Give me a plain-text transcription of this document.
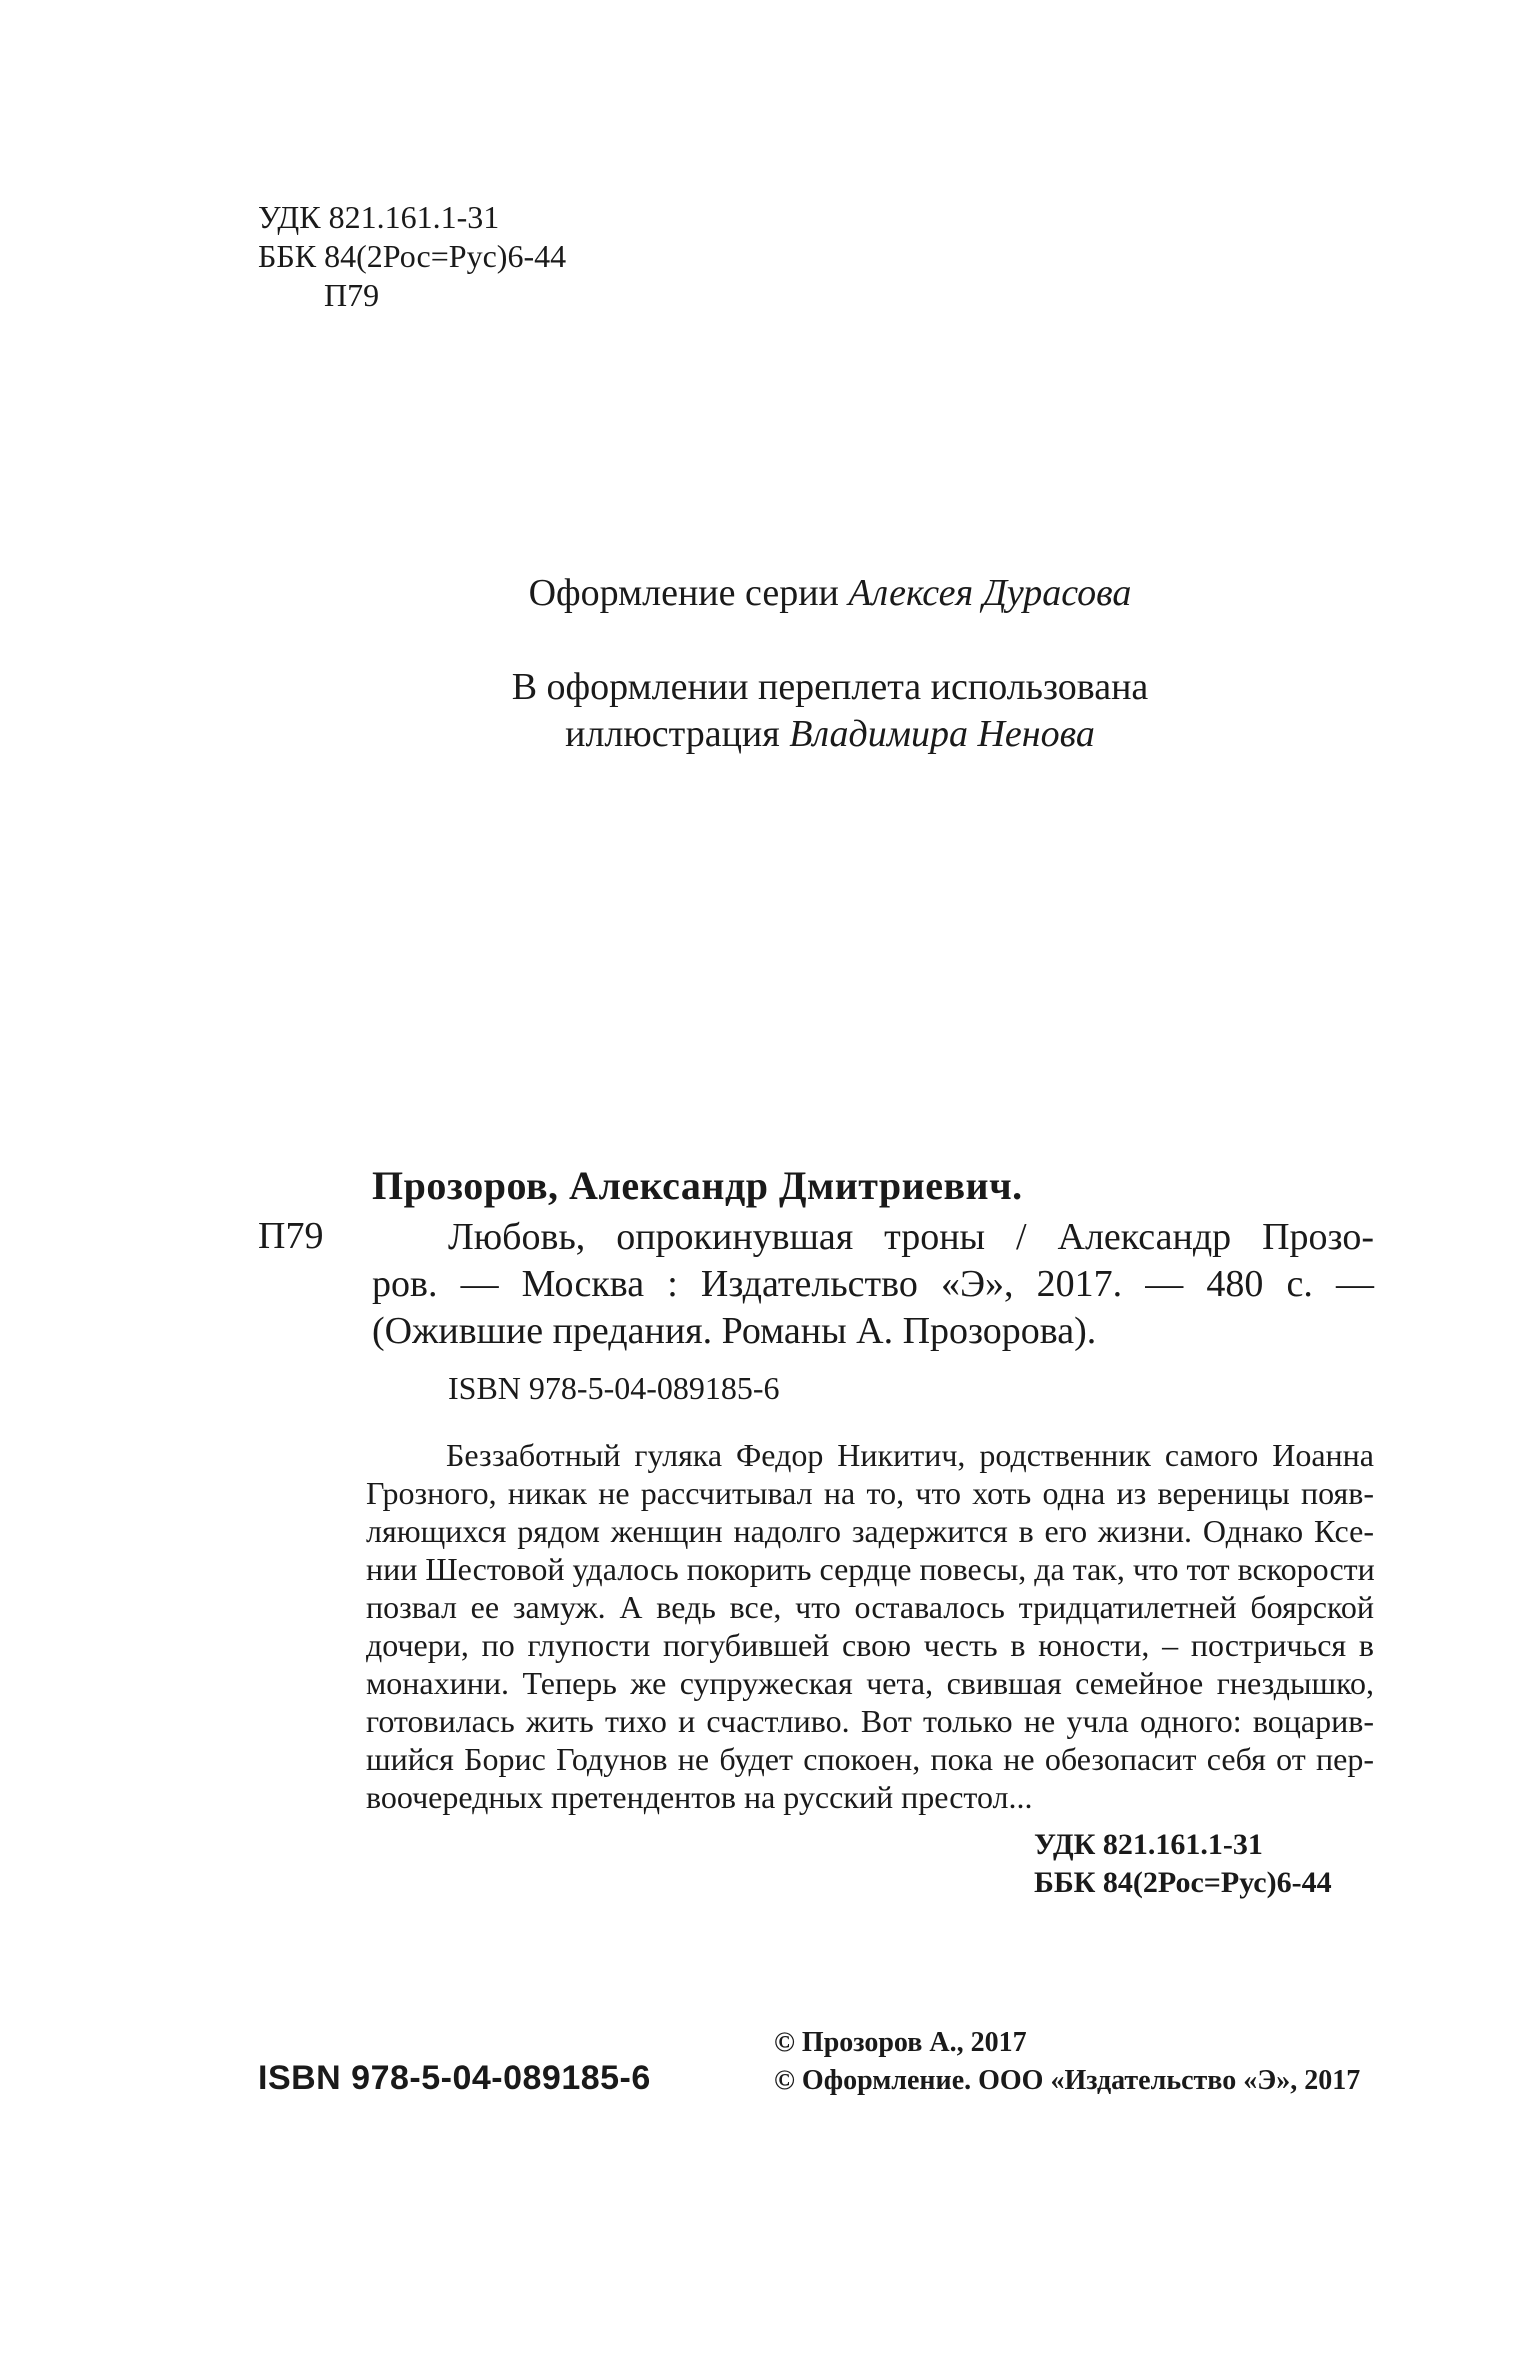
УДК 821.161.1-31
ББК 84(2Рос=Рус)6-44
П79
Оформление серии Алексея Дурасова
В оформлении переплета использована
иллюстрация Владимира Ненова
Прозоров, Александр Дмитриевич.
П79	Любовь, опрокинувшая троны / Александр Прозо-
ров. — Москва : Издательство «Э», 2017. — 480 с. —
(Ожившие предания. Романы А. Прозорова).
ISBN 978-5-04-089185-6
Беззаботный гуляка Федор Никитич, родственник самого Иоанна
Грозного, никак не рассчитывал на то, что хоть одна из вереницы появ-
ляющихся рядом женщин надолго задержится в его жизни. Однако Ксе-
нии Шестовой удалось покорить сердце повесы, да так, что тот вскорости
позвал ее замуж. А ведь все, что оставалось тридцатилетней боярской
дочери, по глупости погубившей свою честь в юности, – постричься в
монахини. Теперь же супружеская чета, свившая семейное гнездышко,
готовилась жить тихо и счастливо. Вот только не учла одного: воцарив-
шийся Борис Годунов не будет спокоен, пока не обезопасит себя от пер-
воочередных претендентов на русский престол...
УДК 821.161.1-31
ББК 84(2Рос=Рус)6-44
ISBN 978-5-04-089185-6
© Прозоров А., 2017
© Оформление. ООО «Издательство «Э», 2017
